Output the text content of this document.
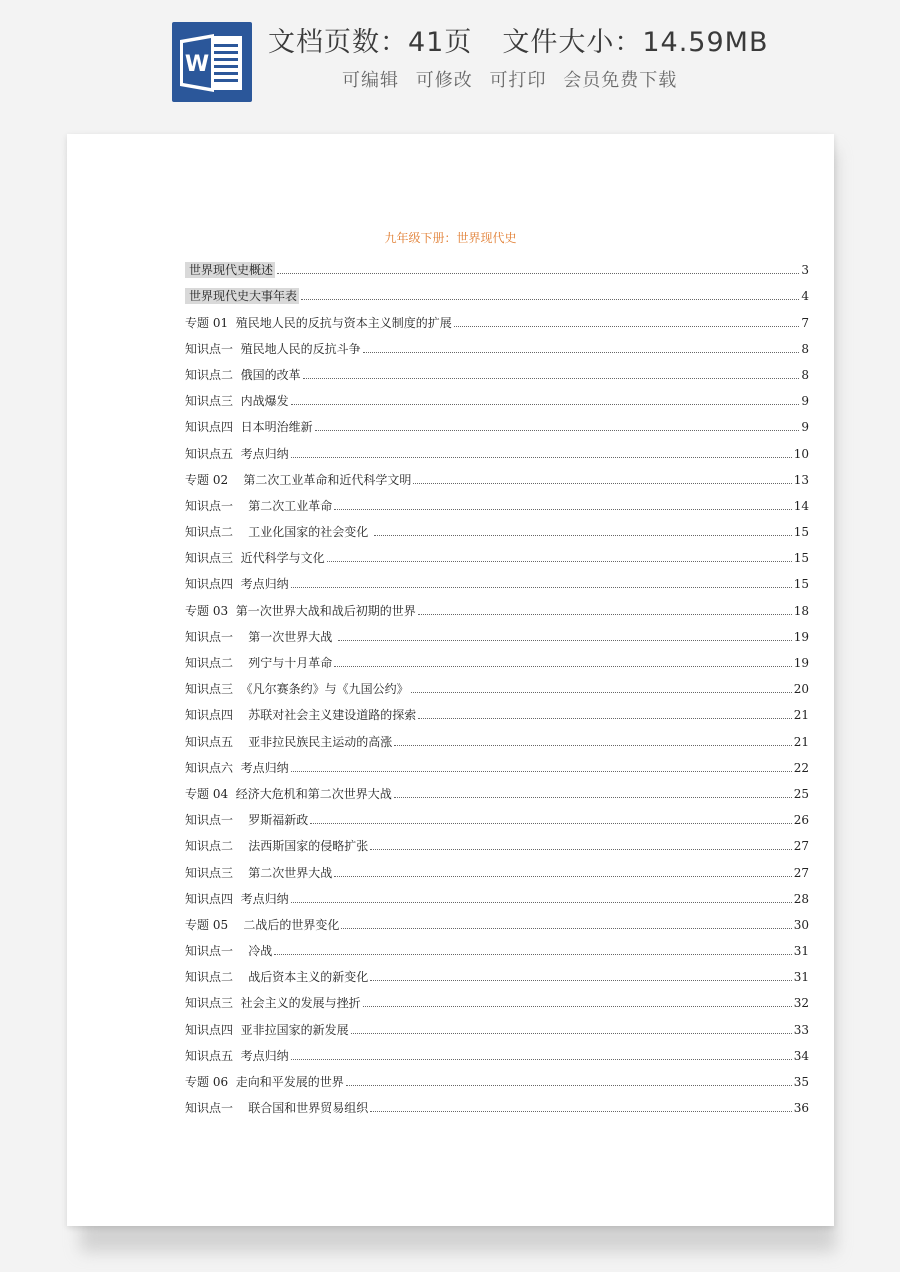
W
文档页数：41页 文件大小：14.59MB
可编辑 可修改 可打印 会员免费下载
九年级下册：世界现代史
世界现代史概述	3
世界现代史大事年表	4
专题 01  殖民地人民的反抗与资本主义制度的扩展	7
知识点一  殖民地人民的反抗斗争	8
知识点二  俄国的改革	8
知识点三  内战爆发	9
知识点四  日本明治维新	9
知识点五  考点归纳	10
专题 02    第二次工业革命和近代科学文明	13
知识点一    第二次工业革命	14
知识点二    工业化国家的社会变化	15
知识点三  近代科学与文化	15
知识点四  考点归纳	15
专题 03  第一次世界大战和战后初期的世界	18
知识点一    第一次世界大战	19
知识点二    列宁与十月革命	19
知识点三  《凡尔赛条约》与《九国公约》	20
知识点四    苏联对社会主义建设道路的探索	21
知识点五    亚非拉民族民主运动的高涨	21
知识点六  考点归纳	22
专题 04  经济大危机和第二次世界大战	25
知识点一    罗斯福新政	26
知识点二    法西斯国家的侵略扩张	27
知识点三    第二次世界大战	27
知识点四  考点归纳	28
专题 05    二战后的世界变化	30
知识点一    冷战	31
知识点二    战后资本主义的新变化	31
知识点三  社会主义的发展与挫折	32
知识点四  亚非拉国家的新发展	33
知识点五  考点归纳	34
专题 06  走向和平发展的世界	35
知识点一    联合国和世界贸易组织	36
